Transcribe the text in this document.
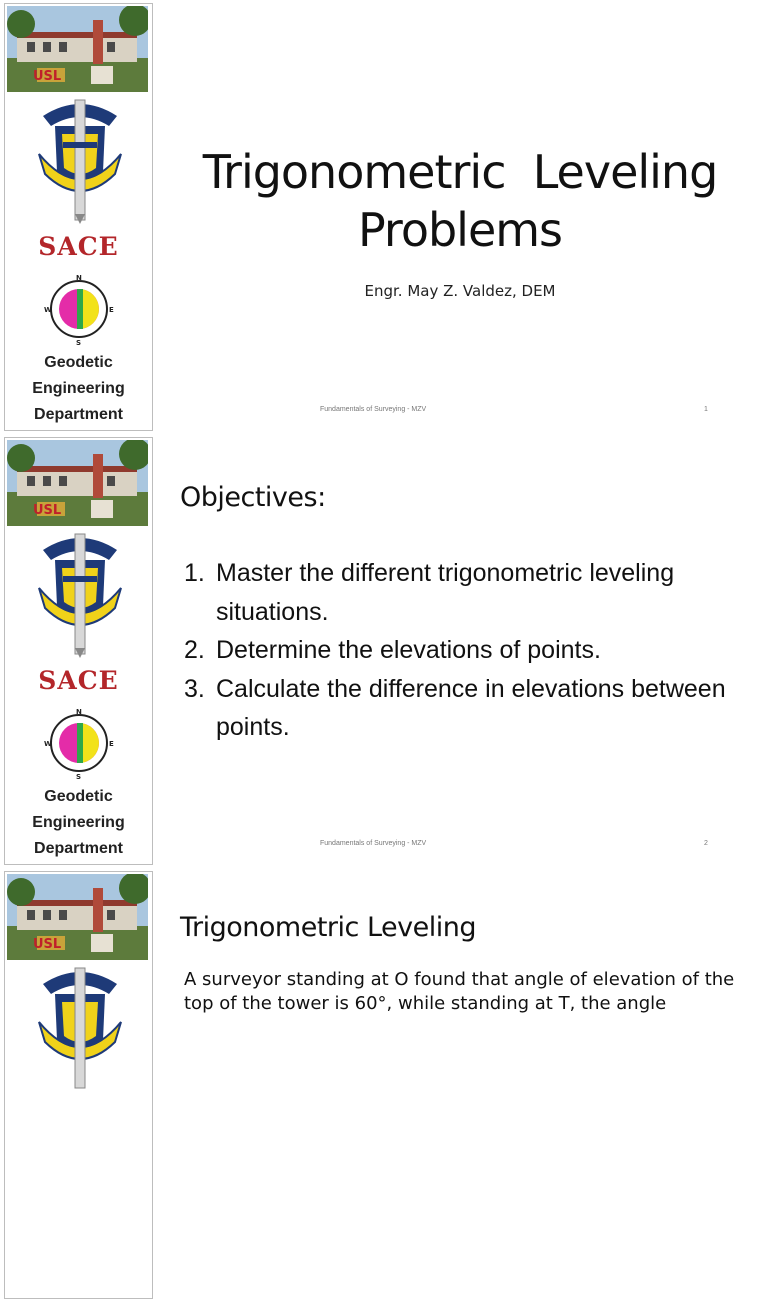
USL
SACE
N
S
W	E
Geodetic
Engineering
Department
Trigonometric  Leveling
Problems
Engr. May Z. Valdez, DEM
Fundamentals of Surveying - MZV	1
USL
SACE
N
S
W	E
Geodetic
Engineering
Department
Objectives:
1. Master the different trigonometric leveling situations.
2. Determine the elevations of points.
3. Calculate the difference in elevations between points.
Fundamentals of Surveying - MZV	2
USL
Trigonometric Leveling
A surveyor standing at O found that angle of elevation of the top of the tower is 60°, while standing at T, the angle
